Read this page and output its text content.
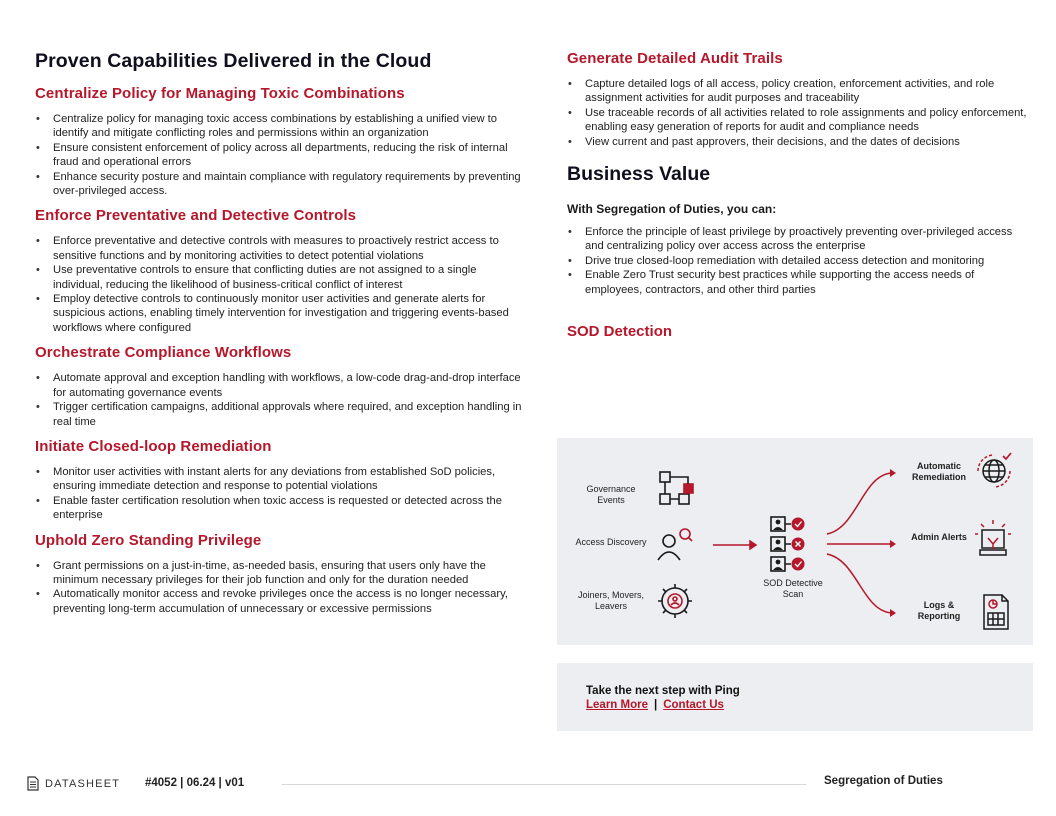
Proven Capabilities Delivered in the Cloud
Centralize Policy for Managing Toxic Combinations
• Centralize policy for managing toxic access combinations by establishing a unified view to identify and mitigate conflicting roles and permissions within an organization
• Ensure consistent enforcement of policy across all departments, reducing the risk of internal fraud and operational errors
• Enhance security posture and maintain compliance with regulatory requirements by preventing over-privileged access.
Enforce Preventative and Detective Controls
• Enforce preventative and detective controls with measures to proactively restrict access to sensitive functions and by monitoring activities to detect potential violations
• Use preventative controls to ensure that conflicting duties are not assigned to a single individual, reducing the likelihood of business-critical conflict of interest
• Employ detective controls to continuously monitor user activities and generate alerts for suspicious actions, enabling timely intervention for investigation and triggering events-based workflows where configured
Orchestrate Compliance Workflows
• Automate approval and exception handling with workflows, a low-code drag-and-drop interface for automating governance events
• Trigger certification campaigns, additional approvals where required, and exception handling in real time
Initiate Closed-loop Remediation
• Monitor user activities with instant alerts for any deviations from established SoD policies, ensuring immediate detection and response to potential violations
• Enable faster certification resolution when toxic access is requested or detected across the enterprise
Uphold Zero Standing Privilege
• Grant permissions on a just-in-time, as-needed basis, ensuring that users only have the minimum necessary privileges for their job function and only for the duration needed
• Automatically monitor access and revoke privileges once the access is no longer necessary, preventing long-term accumulation of unnecessary or excessive permissions
Generate Detailed Audit Trails
• Capture detailed logs of all access, policy creation, enforcement activities, and role assignment activities for audit purposes and traceability
• Use traceable records of all activities related to role assignments and policy enforcement, enabling easy generation of reports for audit and compliance needs
• View current and past approvers, their decisions, and the dates of decisions
Business Value

With Segregation of Duties, you can:

• Enforce the principle of least privilege by proactively preventing over-privileged access and centralizing policy over access across the enterprise
• Drive true closed-loop remediation with detailed access detection and monitoring
• Enable Zero Trust security best practices while supporting the access needs of employees, contractors, and other third parties
SOD Detection
Governance Events
Access Discovery
Joiners, Movers, Leavers
SOD Detective Scan
Automatic Remediation
Admin Alerts
Logs & Reporting
Take the next step with Ping
Learn More | Contact Us
DATASHEET #4052 | 06.24 | v01	Segregation of Duties
